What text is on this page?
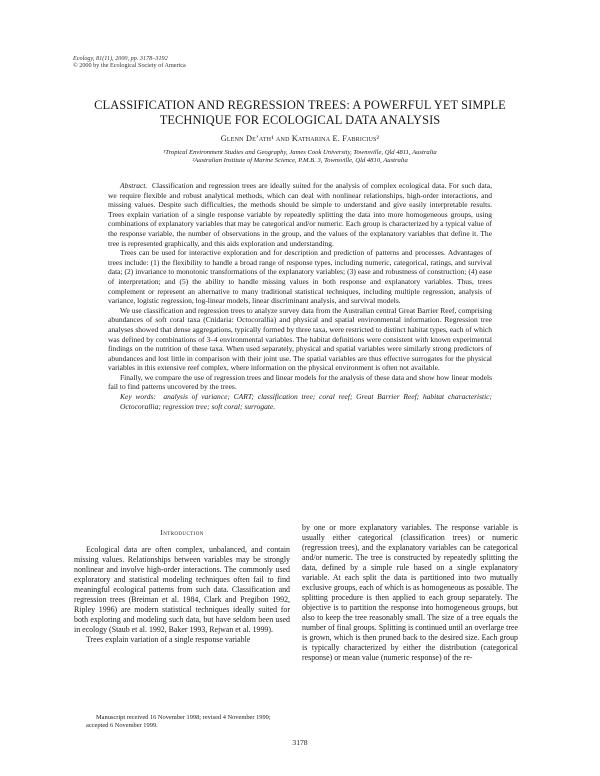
Ecology, 81(11), 2000, pp. 3178–3192
© 2000 by the Ecological Society of America
CLASSIFICATION AND REGRESSION TREES: A POWERFUL YET SIMPLE
TECHNIQUE FOR ECOLOGICAL DATA ANALYSIS
Glenn De’ath¹ and Katharina E. Fabricius²
¹Tropical Environment Studies and Geography, James Cook University, Townsville, Qld 4811, Australia
²Australian Institute of Marine Science, P.M.B. 3, Townsville, Qld 4810, Australia

Abstract. Classification and regression trees are ideally suited for the analysis of complex ecological data. For such data, we require flexible and robust analytical methods, which can deal with nonlinear relationships, high-order interactions, and missing values. Despite such difficulties, the methods should be simple to understand and give easily interpretable results. Trees explain variation of a single response variable by repeatedly splitting the data into more homogeneous groups, using combinations of explanatory variables that may be categorical and/or numeric. Each group is characterized by a typical value of the response variable, the number of observations in the group, and the values of the explanatory variables that define it. The tree is represented graphically, and this aids exploration and understanding.

Trees can be used for interactive exploration and for description and prediction of patterns and processes. Advantages of trees include: (1) the flexibility to handle a broad range of response types, including numeric, categorical, ratings, and survival data; (2) invariance to monotonic transformations of the explanatory variables; (3) ease and robustness of construction; (4) ease of interpretation; and (5) the ability to handle missing values in both response and explanatory variables. Thus, trees complement or represent an alternative to many traditional statistical techniques, including multiple regression, analysis of variance, logistic regression, log-linear models, linear discriminant analysis, and survival models.

We use classification and regression trees to analyze survey data from the Australian central Great Barrier Reef, comprising abundances of soft coral taxa (Cnidaria: Octocorallia) and physical and spatial environmental information. Regression tree analyses showed that dense aggregations, typically formed by three taxa, were restricted to distinct habitat types, each of which was defined by combinations of 3–4 environmental variables. The habitat definitions were consistent with known experimental findings on the nutrition of these taxa. When used separately, physical and spatial variables were similarly strong predictors of abundances and lost little in comparison with their joint use. The spatial variables are thus effective surrogates for the physical variables in this extensive reef complex, where information on the physical environment is often not available.

Finally, we compare the use of regression trees and linear models for the analysis of these data and show how linear models fail to find patterns uncovered by the trees.

Key words: analysis of variance; CART; classification tree; coral reef; Great Barrier Reef; habitat characteristic; Octocorallia; regression tree; soft coral; surrogate.

Introduction

Ecological data are often complex, unbalanced, and contain missing values. Relationships between variables may be strongly nonlinear and involve high-order interactions. The commonly used exploratory and statistical modeling techniques often fail to find meaningful ecological patterns from such data. Classification and regression trees (Breiman et al. 1984, Clark and Pregibon 1992, Ripley 1996) are modern statistical techniques ideally suited for both exploring and modeling such data, but have seldom been used in ecology (Staub et al. 1992, Baker 1993, Rejwan et al. 1999).

Trees explain variation of a single response variable

by one or more explanatory variables. The response variable is usually either categorical (classification trees) or numeric (regression trees), and the explanatory variables can be categorical and/or numeric. The tree is constructed by repeatedly splitting the data, defined by a simple rule based on a single explanatory variable. At each split the data is partitioned into two mutually exclusive groups, each of which is as homogeneous as possible. The splitting procedure is then applied to each group separately. The objective is to partition the response into homogeneous groups, but also to keep the tree reasonably small. The size of a tree equals the number of final groups. Splitting is continued until an overlarge tree is grown, which is then pruned back to the desired size. Each group is typically characterized by either the distribution (categorical response) or mean value (numeric response) of the re-

Manuscript received 16 November 1998; revised 4 November 1999; accepted 6 November 1999.

3178
